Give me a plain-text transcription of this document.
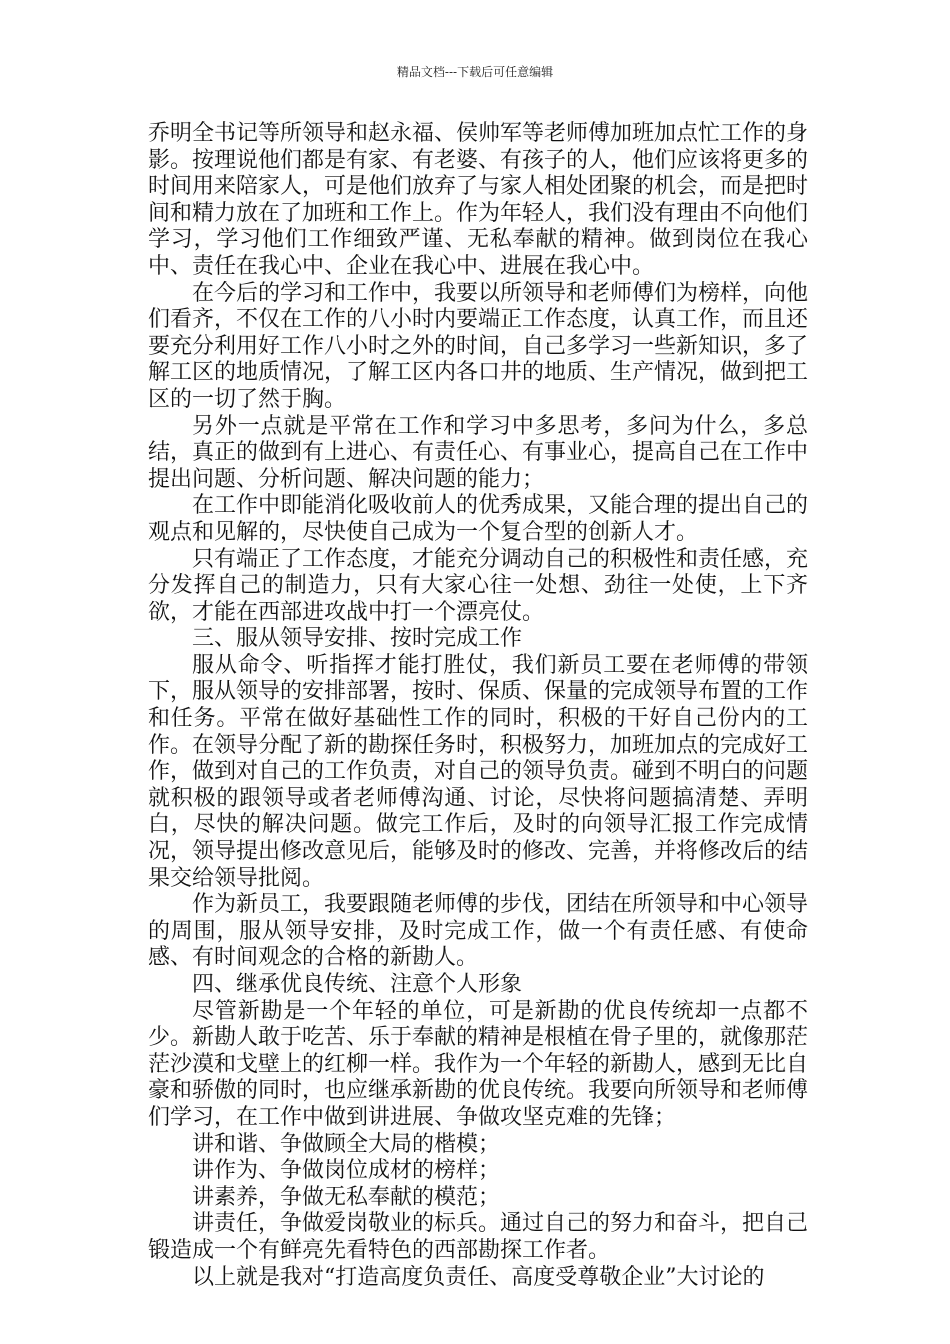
精品文档---下载后可任意编辑

乔明全书记等所领导和赵永福、侯帅军等老师傅加班加点忙工作的身影。按理说他们都是有家、有老婆、有孩子的人，他们应该将更多的时间用来陪家人，可是他们放弃了与家人相处团聚的机会，而是把时间和精力放在了加班和工作上。作为年轻人，我们没有理由不向他们学习，学习他们工作细致严谨、无私奉献的精神。做到岗位在我心中、责任在我心中、企业在我心中、进展在我心中。

在今后的学习和工作中，我要以所领导和老师傅们为榜样，向他们看齐，不仅在工作的八小时内要端正工作态度，认真工作，而且还要充分利用好工作八小时之外的时间，自己多学习一些新知识，多了解工区的地质情况，了解工区内各口井的地质、生产情况，做到把工区的一切了然于胸。

另外一点就是平常在工作和学习中多思考，多问为什么，多总结，真正的做到有上进心、有责任心、有事业心，提高自己在工作中提出问题、分析问题、解决问题的能力；

在工作中即能消化吸收前人的优秀成果，又能合理的提出自己的观点和见解的，尽快使自己成为一个复合型的创新人才。

只有端正了工作态度，才能充分调动自己的积极性和责任感，充分发挥自己的制造力，只有大家心往一处想、劲往一处使，上下齐欲，才能在西部进攻战中打一个漂亮仗。

三、服从领导安排、按时完成工作

服从命令、听指挥才能打胜仗，我们新员工要在老师傅的带领下，服从领导的安排部署，按时、保质、保量的完成领导布置的工作和任务。平常在做好基础性工作的同时，积极的干好自己份内的工作。在领导分配了新的勘探任务时，积极努力，加班加点的完成好工作，做到对自己的工作负责，对自己的领导负责。碰到不明白的问题就积极的跟领导或者老师傅沟通、讨论，尽快将问题搞清楚、弄明白，尽快的解决问题。做完工作后，及时的向领导汇报工作完成情况，领导提出修改意见后，能够及时的修改、完善，并将修改后的结果交给领导批阅。

作为新员工，我要跟随老师傅的步伐，团结在所领导和中心领导的周围，服从领导安排，及时完成工作，做一个有责任感、有使命感、有时间观念的合格的新勘人。

四、继承优良传统、注意个人形象

尽管新勘是一个年轻的单位，可是新勘的优良传统却一点都不少。新勘人敢于吃苦、乐于奉献的精神是根植在骨子里的，就像那茫茫沙漠和戈壁上的红柳一样。我作为一个年轻的新勘人，感到无比自豪和骄傲的同时，也应继承新勘的优良传统。我要向所领导和老师傅们学习，在工作中做到讲进展、争做攻坚克难的先锋；

讲和谐、争做顾全大局的楷模；

讲作为、争做岗位成材的榜样；

讲素养，争做无私奉献的模范；

讲责任，争做爱岗敬业的标兵。通过自己的努力和奋斗，把自己锻造成一个有鲜亮先看特色的西部勘探工作者。

以上就是我对“打造高度负责任、高度受尊敬企业”大讨论的
